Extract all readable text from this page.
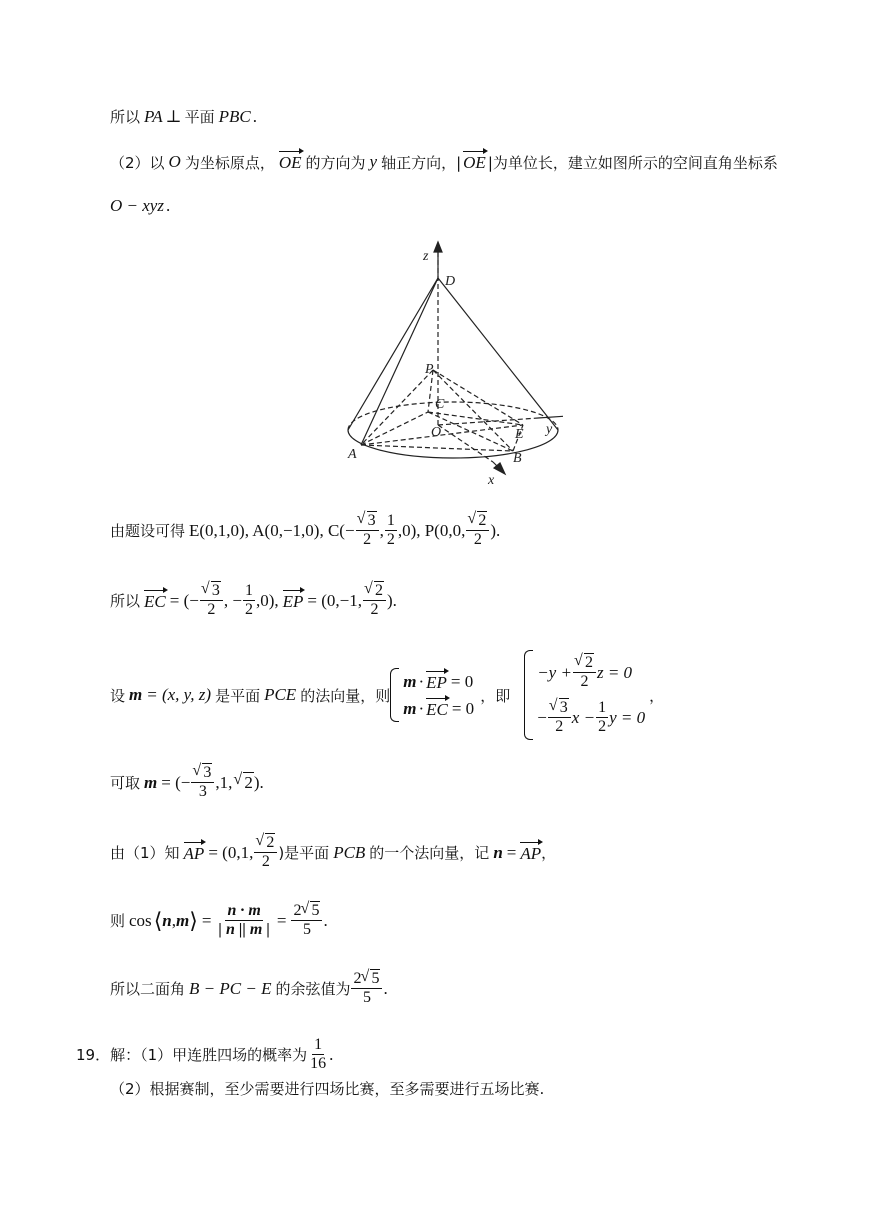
所以 PA ⊥ 平面 PBC .
（2）以 O 为坐标原点， OE 的方向为 y 轴正方向，| OE |为单位长，建立如图所示的空间直角坐标系
O − xyz .
z
D
P
C
O	E y
A	B
x
由题设可得 E(0,1,0), A(0,−1,0), C(− √ $\frac{3}{2}$ , $\frac{1}{2} ,0$), P(0,0, √ $\frac{2}{2}$ ).
所以 EC = (− √ $\frac{3}{2}$ , − $\frac{1}{2} ,0$), EP = (0,−1, √ $\frac{2}{2}$ ).
设 m = (x, y, z) 是平面 PCE 的法向量，则
m · EP = 0
m · EC = 0
，即
−y + √ $\frac{2}{2}$ z = 0
− √ $\frac{3}{2}$ $x - \frac{1}{2}$ y = 0
，
可取 m = (− √ $\frac{3}{3} ,1$, √ 2 ).
由（1）知 AP = (0,1, √ $\frac{2}{2}$ )是平面 PCB 的一个法向量，记 n = AP ，
则 cos ⟨ n , m ⟩ = $\frac{n \cdot m}{| n || m |} = \frac{2 √ 5}{5}$ .
所以二面角 B − PC − E 的余弦值为 $\frac{2 √ 5}{5}$ .
19．解：（1）甲连胜四场的概率为 $\frac{1}{16}$ .
（2）根据赛制，至少需要进行四场比赛，至多需要进行五场比赛.
